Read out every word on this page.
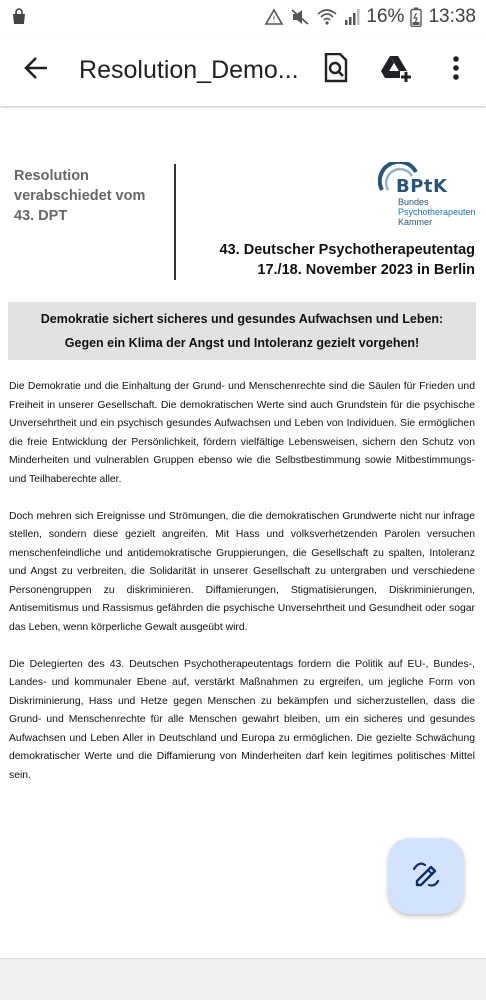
!	16% 13:38
Resolution_Demo...
Resolution verabschiedet vom 43. DPT
BPtK
Bundes
Psychotherapeuten
Kammer
43. Deutscher Psychotherapeutentag
17./18. November 2023 in Berlin
Demokratie sichert sicheres und gesundes Aufwachsen und Leben:
Gegen ein Klima der Angst und Intoleranz gezielt vorgehen!

Die Demokratie und die Einhaltung der Grund- und Menschenrechte sind die Säulen für Frieden und Freiheit in unserer Gesellschaft. Die demokratischen Werte sind auch Grundstein für die psychische Unversehrtheit und ein psychisch gesundes Aufwachsen und Leben von Individuen. Sie ermöglichen die freie Entwicklung der Persönlichkeit, fördern vielfältige Lebensweisen, sichern den Schutz von Minderheiten und vulnerablen Gruppen ebenso wie die Selbstbestimmung sowie Mitbestimmungs- und Teilhaberechte aller.

Doch mehren sich Ereignisse und Strömungen, die die demokratischen Grundwerte nicht nur infrage stellen, sondern diese gezielt angreifen. Mit Hass und volksverhetzenden Parolen versuchen menschenfeindliche und antidemokratische Gruppierungen, die Gesellschaft zu spalten, Intoleranz und Angst zu verbreiten, die Solidarität in unserer Gesellschaft zu untergraben und verschiedene Personengruppen zu diskriminieren. Diffamierungen, Stigmatisierungen, Diskriminierungen, Antisemitismus und Rassismus gefährden die psychische Unversehrtheit und Gesundheit oder sogar das Leben, wenn körperliche Gewalt ausgeübt wird.

Die Delegierten des 43. Deutschen Psychotherapeutentags fordern die Politik auf EU-, Bundes-, Landes- und kommunaler Ebene auf, verstärkt Maßnahmen zu ergreifen, um jegliche Form von Diskriminierung, Hass und Hetze gegen Menschen zu bekämpfen und sicherzustellen, dass die Grund- und Menschenrechte für alle Menschen gewahrt bleiben, um ein sicheres und gesundes Aufwachsen und Leben Aller in Deutschland und Europa zu ermöglichen. Die gezielte Schwächung demokratischer Werte und die Diffamierung von Minderheiten darf kein legitimes politisches Mittel sein.
